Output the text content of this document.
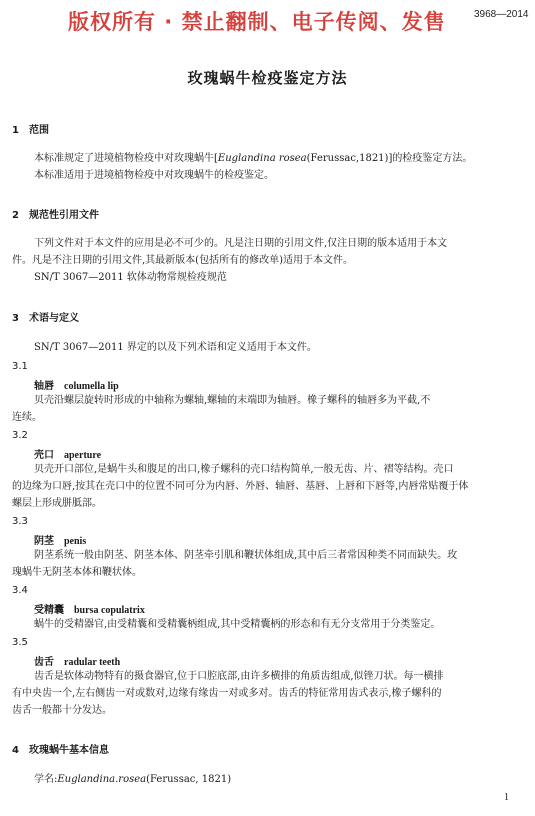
版权所有 · 禁止翻制、电子传阅、发售	3968—2014
玫瑰蜗牛检疫鉴定方法
1 范围
本标准规定了进境植物检疫中对玫瑰蜗牛[Euglandina rosea(Ferussac,1821)]的检疫鉴定方法。
本标准适用于进境植物检疫中对玫瑰蜗牛的检疫鉴定。
2 规范性引用文件
下列文件对于本文件的应用是必不可少的。凡是注日期的引用文件,仅注日期的版本适用于本文
件。凡是不注日期的引用文件,其最新版本(包括所有的修改单)适用于本文件。
SN/T 3067—2011 软体动物常规检疫规范
3 术语与定义
SN/T 3067—2011 界定的以及下列术语和定义适用于本文件。
3.1
轴唇 columella lip
贝壳沿螺层旋转时形成的中轴称为螺轴,螺轴的末端即为轴唇。橡子螺科的轴唇多为平截,不
连续。
3.2
壳口 aperture
贝壳开口部位,是蜗牛头和腹足的出口,橡子螺科的壳口结构简单,一般无齿、片、褶等结构。壳口
的边缘为口唇,按其在壳口中的位置不同可分为内唇、外唇、轴唇、基唇、上唇和下唇等,内唇常贴覆于体
螺层上形成胼胝部。
3.3
阴茎 penis
阴茎系统一般由阴茎、阴茎本体、阴茎牵引肌和鞭状体组成,其中后三者常因种类不同而缺失。玫
瑰蜗牛无阴茎本体和鞭状体。
3.4
受精囊 bursa copulatrix
蜗牛的受精器官,由受精囊和受精囊柄组成,其中受精囊柄的形态和有无分支常用于分类鉴定。
3.5
齿舌 radular teeth
齿舌是软体动物特有的摄食器官,位于口腔底部,由许多横排的角质齿组成,似锉刀状。每一横排
有中央齿一个,左右侧齿一对或数对,边缘有缘齿一对或多对。齿舌的特征常用齿式表示,橡子螺科的
齿舌一般都十分发达。
4 玫瑰蜗牛基本信息
学名:Euglandina.rosea(Ferussac, 1821)
1
